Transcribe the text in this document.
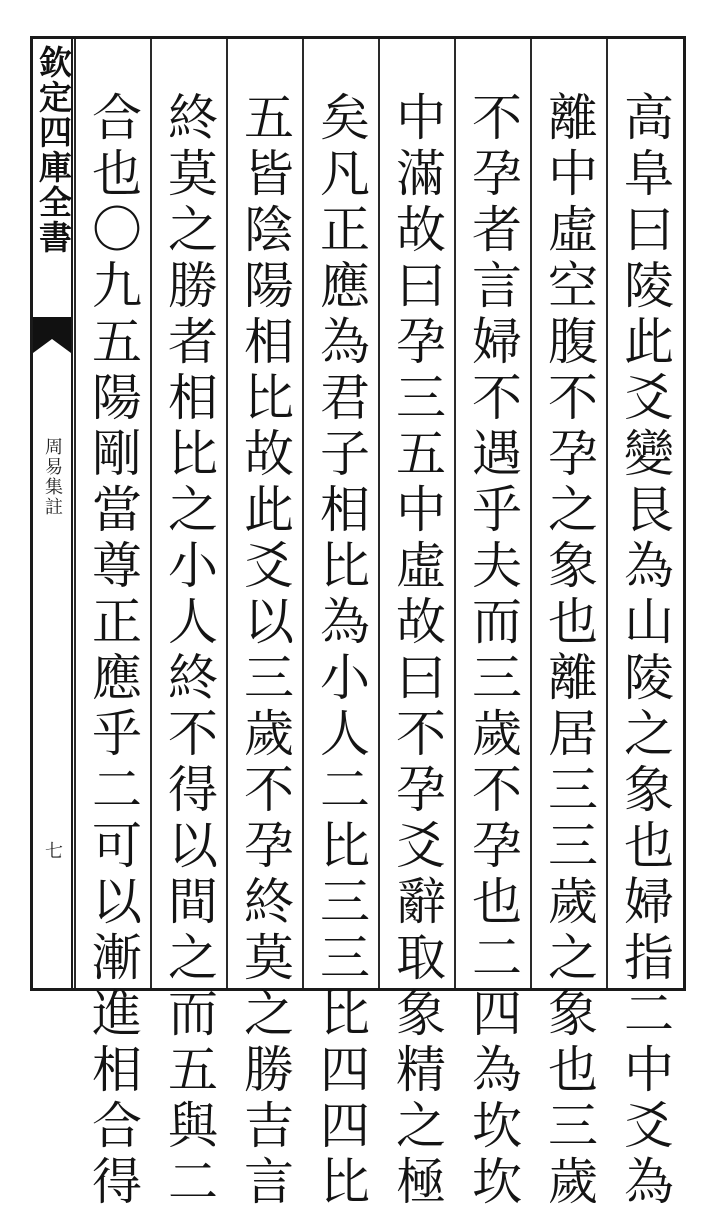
欽定四庫全書
周易集註
七	高阜曰陵此爻變艮為山陵之象也婦指二中爻為
離中虛空腹不孕之象也離居三三歲之象也三歲
不孕者言婦不遇乎夫而三歲不孕也二四為坎坎
中滿故曰孕三五中虛故曰不孕爻辭取象精之極
矣凡正應為君子相比為小人二比三三比四四比
五皆陰陽相比故此爻以三歲不孕終莫之勝吉言
終莫之勝者相比之小人終不得以間之而五與二
合也〇九五陽剛當尊正應乎二可以漸進相合得
